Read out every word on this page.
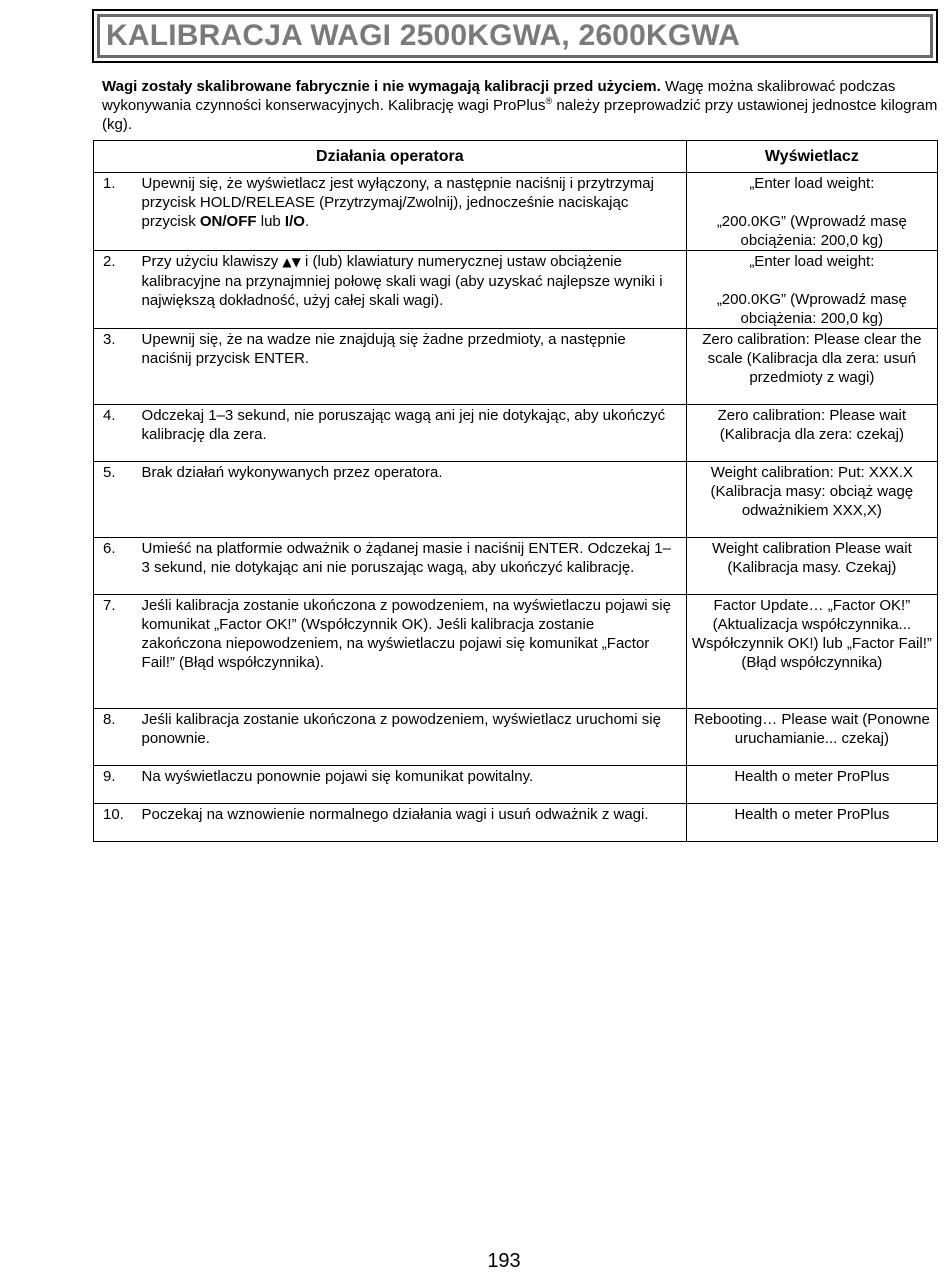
KALIBRACJA WAGI 2500KGWA, 2600KGWA

Wagi zostały skalibrowane fabrycznie i nie wymagają kalibracji przed użyciem. Wagę można skalibrować podczas wykonywania czynności konserwacyjnych. Kalibrację wagi ProPlus® należy przeprowadzić przy ustawionej jednostce kilogram (kg).

Działania operatora		Wyświetlacz
1.	Upewnij się, że wyświetlacz jest wyłączony, a następnie naciśnij i przytrzymaj przycisk HOLD/RELEASE (Przytrzymaj/Zwolnij), jednocześnie naciskając przycisk ON/OFF lub I/O.	„Enter load weight:
„200.0KG” (Wprowadź masę obciążenia: 200,0 kg)

2.	Przy użyciu klawiszy ▲▼ i (lub) klawiatury numerycznej ustaw obciążenie kalibracyjne na przynajmniej połowę skali wagi (aby uzyskać najlepsze wyniki i największą dokładność, użyj całej skali wagi).	„Enter load weight:
„200.0KG” (Wprowadź masę obciążenia: 200,0 kg)

3.	Upewnij się, że na wadze nie znajdują się żadne przedmioty, a następnie naciśnij przycisk ENTER.	Zero calibration: Please clear the scale (Kalibracja dla zera: usuń przedmioty z wagi)
4.	Odczekaj 1–3 sekund, nie poruszając wagą ani jej nie dotykając, aby ukończyć kalibrację dla zera.	Zero calibration: Please wait (Kalibracja dla zera: czekaj)
5.	Brak działań wykonywanych przez operatora.	Weight calibration: Put: XXX.X (Kalibracja masy: obciąż wagę odważnikiem XXX,X)
6.	Umieść na platformie odważnik o żądanej masie i naciśnij ENTER. Odczekaj 1–3 sekund, nie dotykając ani nie poruszając wagą, aby ukończyć kalibrację.	Weight calibration Please wait (Kalibracja masy. Czekaj)
7.	Jeśli kalibracja zostanie ukończona z powodzeniem, na wyświetlaczu pojawi się komunikat „Factor OK!” (Współczynnik OK). Jeśli kalibracja zostanie zakończona niepowodzeniem, na wyświetlaczu pojawi się komunikat „Factor Fail!” (Błąd współczynnika).	Factor Update… „Factor OK!” (Aktualizacja współczynnika... Współczynnik OK!) lub „Factor Fail!” (Błąd współczynnika)
8.	Jeśli kalibracja zostanie ukończona z powodzeniem, wyświetlacz uruchomi się ponownie.	Rebooting… Please wait (Ponowne uruchamianie... czekaj)
9.	Na wyświetlaczu ponownie pojawi się komunikat powitalny.	Health o meter ProPlus
10.	Poczekaj na wznowienie normalnego działania wagi i usuń odważnik z wagi.	Health o meter ProPlus
193
